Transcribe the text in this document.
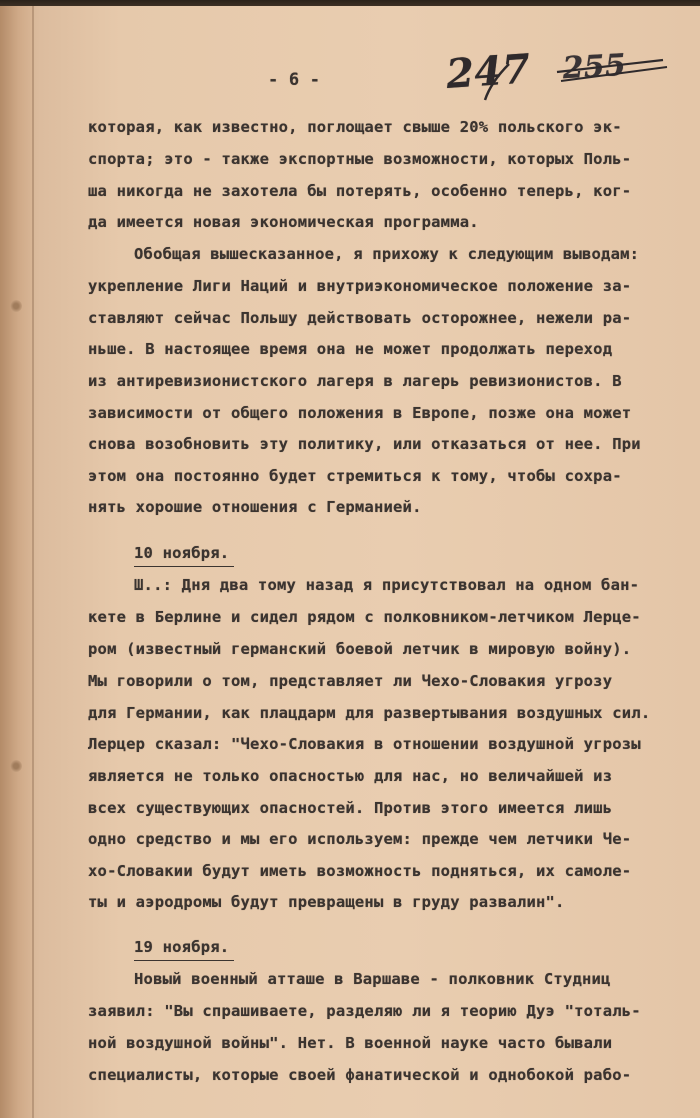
- 6 -	247 255
которая, как известно, поглощает свыше 20% польского эк-
спорта; это - также экспортные возможности, которых Поль-
ша никогда не захотела бы потерять, особенно теперь, ког-
да имеется новая экономическая программа.
Обобщая вышесказанное, я прихожу к следующим выводам:
укрепление Лиги Наций и внутриэкономическое положение за-
ставляют сейчас Польшу действовать осторожнее, нежели ра-
ньше. В настоящее время она не может продолжать переход
из антиревизионистского лагеря в лагерь ревизионистов. В
зависимости от общего положения в Европе, позже она может
снова возобновить эту политику, или отказаться от нее. При
этом она постоянно будет стремиться к тому, чтобы сохра-
нять хорошие отношения с Германией.
10 ноября.
Ш..: Дня два тому назад я присутствовал на одном бан-
кете в Берлине и сидел рядом с полковником-летчиком Лерце-
ром (известный германский боевой летчик в мировую войну).
Мы говорили о том, представляет ли Чехо-Словакия угрозу
для Германии, как плацдарм для развертывания воздушных сил.
Лерцер сказал: "Чехо-Словакия в отношении воздушной угрозы
является не только опасностью для нас, но величайшей из
всех существующих опасностей. Против этого имеется лишь
одно средство и мы его используем: прежде чем летчики Че-
хо-Словакии будут иметь возможность подняться, их самоле-
ты и аэродромы будут превращены в груду развалин".
19 ноября.
Новый военный атташе в Варшаве - полковник Студниц
заявил: "Вы спрашиваете, разделяю ли я теорию Дуэ "тоталь-
ной воздушной войны". Нет. В военной науке часто бывали
специалисты, которые своей фанатической и однобокой рабо-
